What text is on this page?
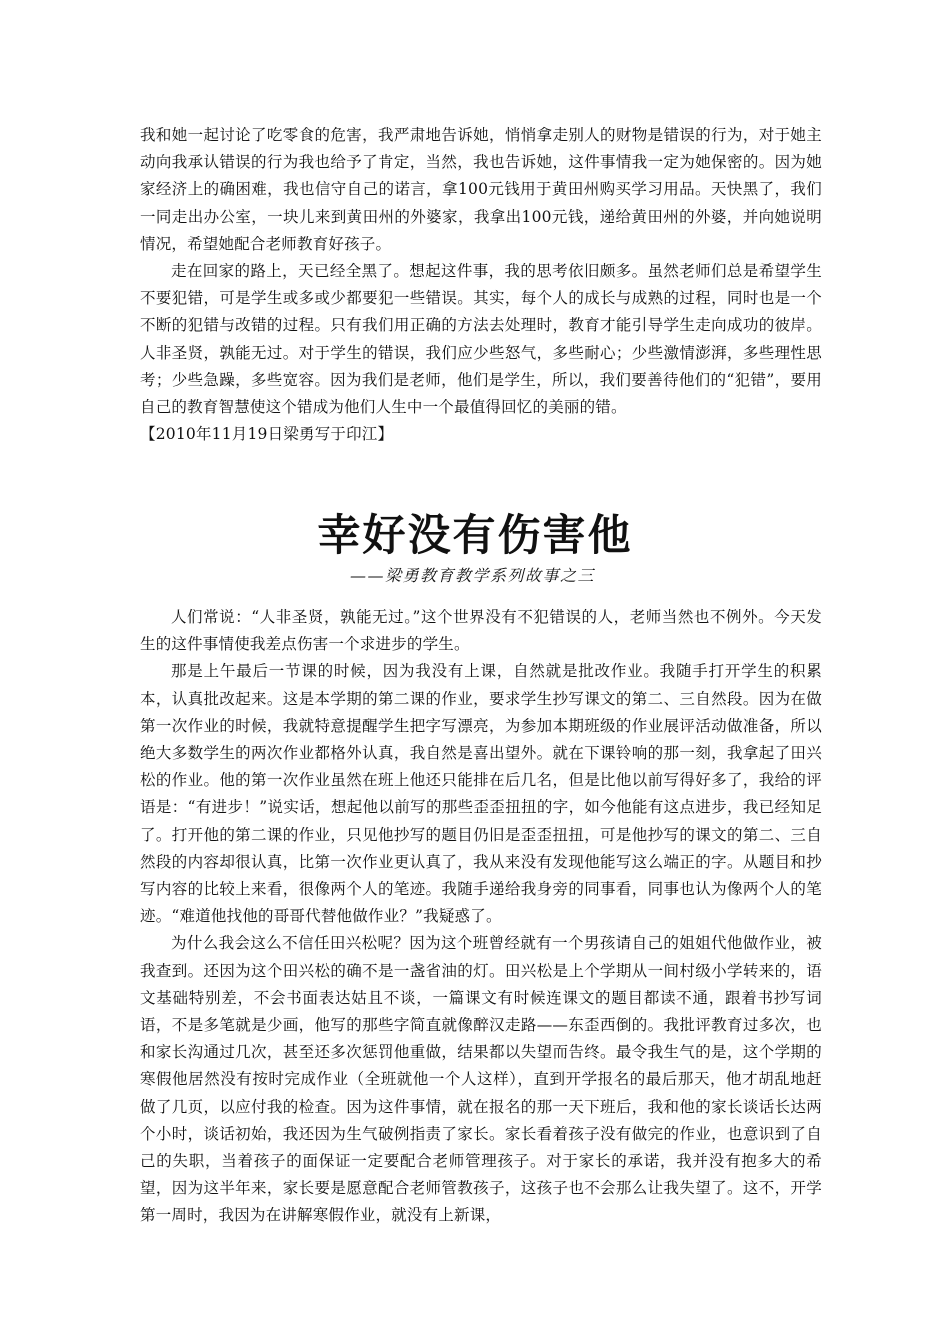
我和她一起讨论了吃零食的危害，我严肃地告诉她，悄悄拿走别人的财物是错误的行为，对于她主动向我承认错误的行为我也给予了肯定，当然，我也告诉她，这件事情我一定为她保密的。因为她家经济上的确困难，我也信守自己的诺言，拿100元钱用于黄田州购买学习用品。天快黑了，我们一同走出办公室，一块儿来到黄田州的外婆家，我拿出100元钱，递给黄田州的外婆，并向她说明情况，希望她配合老师教育好孩子。

走在回家的路上，天已经全黑了。想起这件事，我的思考依旧颇多。虽然老师们总是希望学生不要犯错，可是学生或多或少都要犯一些错误。其实，每个人的成长与成熟的过程，同时也是一个不断的犯错与改错的过程。只有我们用正确的方法去处理时，教育才能引导学生走向成功的彼岸。人非圣贤，孰能无过。对于学生的错误，我们应少些怒气，多些耐心；少些激情澎湃，多些理性思考；少些急躁，多些宽容。因为我们是老师，他们是学生，所以，我们要善待他们的“犯错”，要用自己的教育智慧使这个错成为他们人生中一个最值得回忆的美丽的错。

【2010年11月19日梁勇写于印江】

幸好没有伤害他
——梁勇教育教学系列故事之三

人们常说：“人非圣贤，孰能无过。”这个世界没有不犯错误的人，老师当然也不例外。今天发生的这件事情使我差点伤害一个求进步的学生。

那是上午最后一节课的时候，因为我没有上课，自然就是批改作业。我随手打开学生的积累本，认真批改起来。这是本学期的第二课的作业，要求学生抄写课文的第二、三自然段。因为在做第一次作业的时候，我就特意提醒学生把字写漂亮，为参加本期班级的作业展评活动做准备，所以绝大多数学生的两次作业都格外认真，我自然是喜出望外。就在下课铃响的那一刻，我拿起了田兴松的作业。他的第一次作业虽然在班上他还只能排在后几名，但是比他以前写得好多了，我给的评语是：“有进步！”说实话，想起他以前写的那些歪歪扭扭的字，如今他能有这点进步，我已经知足了。打开他的第二课的作业，只见他抄写的题目仍旧是歪歪扭扭，可是他抄写的课文的第二、三自然段的内容却很认真，比第一次作业更认真了，我从来没有发现他能写这么端正的字。从题目和抄写内容的比较上来看，很像两个人的笔迹。我随手递给我身旁的同事看，同事也认为像两个人的笔迹。“难道他找他的哥哥代替他做作业？”我疑惑了。

为什么我会这么不信任田兴松呢？因为这个班曾经就有一个男孩请自己的姐姐代他做作业，被我查到。还因为这个田兴松的确不是一盏省油的灯。田兴松是上个学期从一间村级小学转来的，语文基础特别差，不会书面表达姑且不谈，一篇课文有时候连课文的题目都读不通，跟着书抄写词语，不是多笔就是少画，他写的那些字简直就像醉汉走路——东歪西倒的。我批评教育过多次，也和家长沟通过几次，甚至还多次惩罚他重做，结果都以失望而告终。最令我生气的是，这个学期的寒假他居然没有按时完成作业（全班就他一个人这样），直到开学报名的最后那天，他才胡乱地赶做了几页，以应付我的检查。因为这件事情，就在报名的那一天下班后，我和他的家长谈话长达两个小时，谈话初始，我还因为生气破例指责了家长。家长看着孩子没有做完的作业，也意识到了自己的失职，当着孩子的面保证一定要配合老师管理孩子。对于家长的承诺，我并没有抱多大的希望，因为这半年来，家长要是愿意配合老师管教孩子，这孩子也不会那么让我失望了。这不，开学第一周时，我因为在讲解寒假作业，就没有上新课，
